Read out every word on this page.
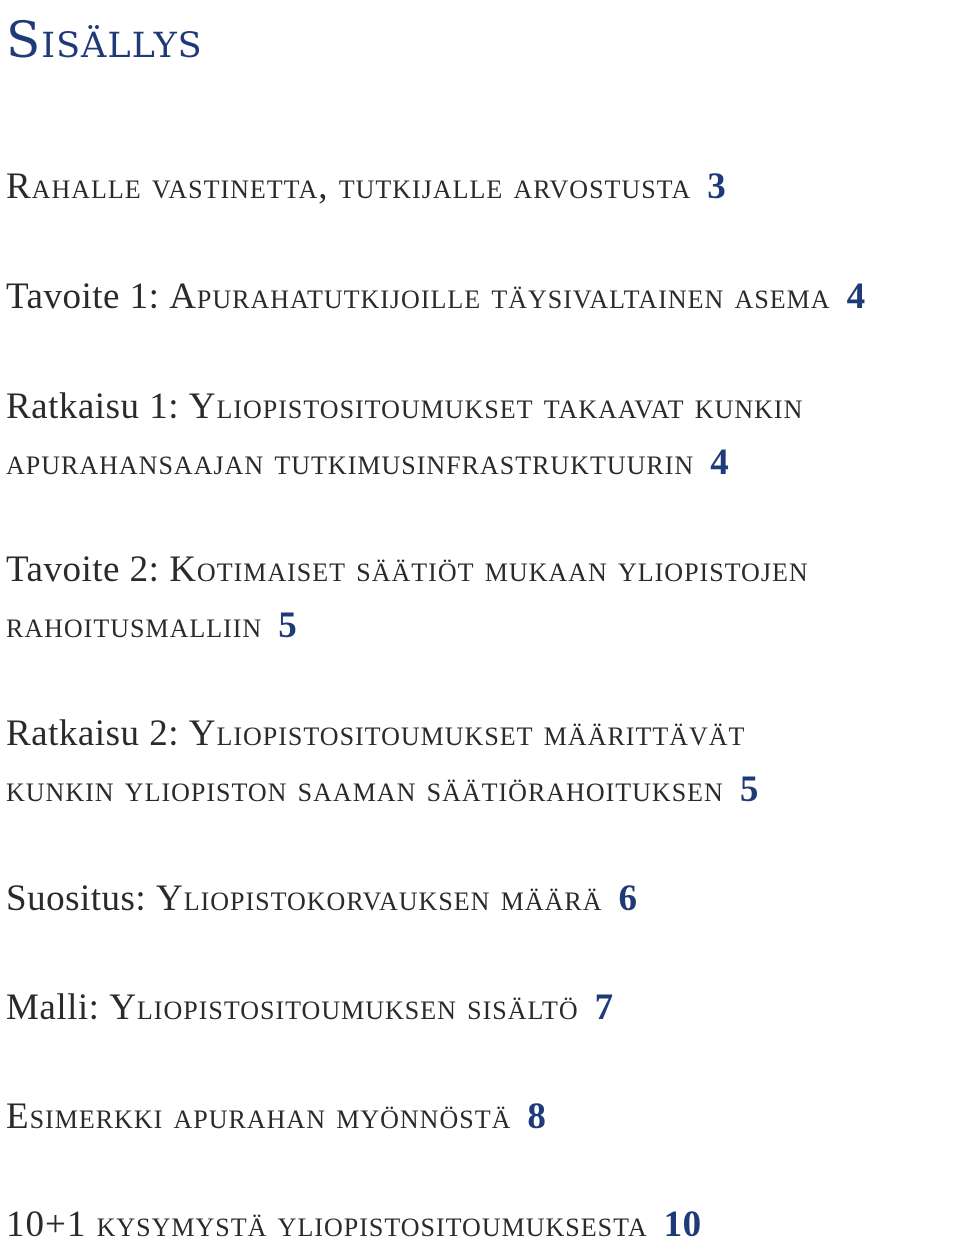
Sisällys
Rahalle vastinetta, tutkijalle arvostusta 3
Tavoite 1: Apurahatutkijoille täysivaltainen asema 4
Ratkaisu 1: Yliopistositoumukset takaavat kunkin
apurahansaajan tutkimusinfrastruktuurin 4
Tavoite 2: Kotimaiset säätiöt mukaan yliopistojen
rahoitusmalliin 5
Ratkaisu 2: Yliopistositoumukset määrittävät
kunkin yliopiston saaman säätiörahoituksen 5
Suositus: Yliopistokorvauksen määrä 6
Malli: Yliopistositoumuksen sisältö 7
Esimerkki apurahan myönnöstä 8
10+1 kysymystä yliopistositoumuksesta 10
